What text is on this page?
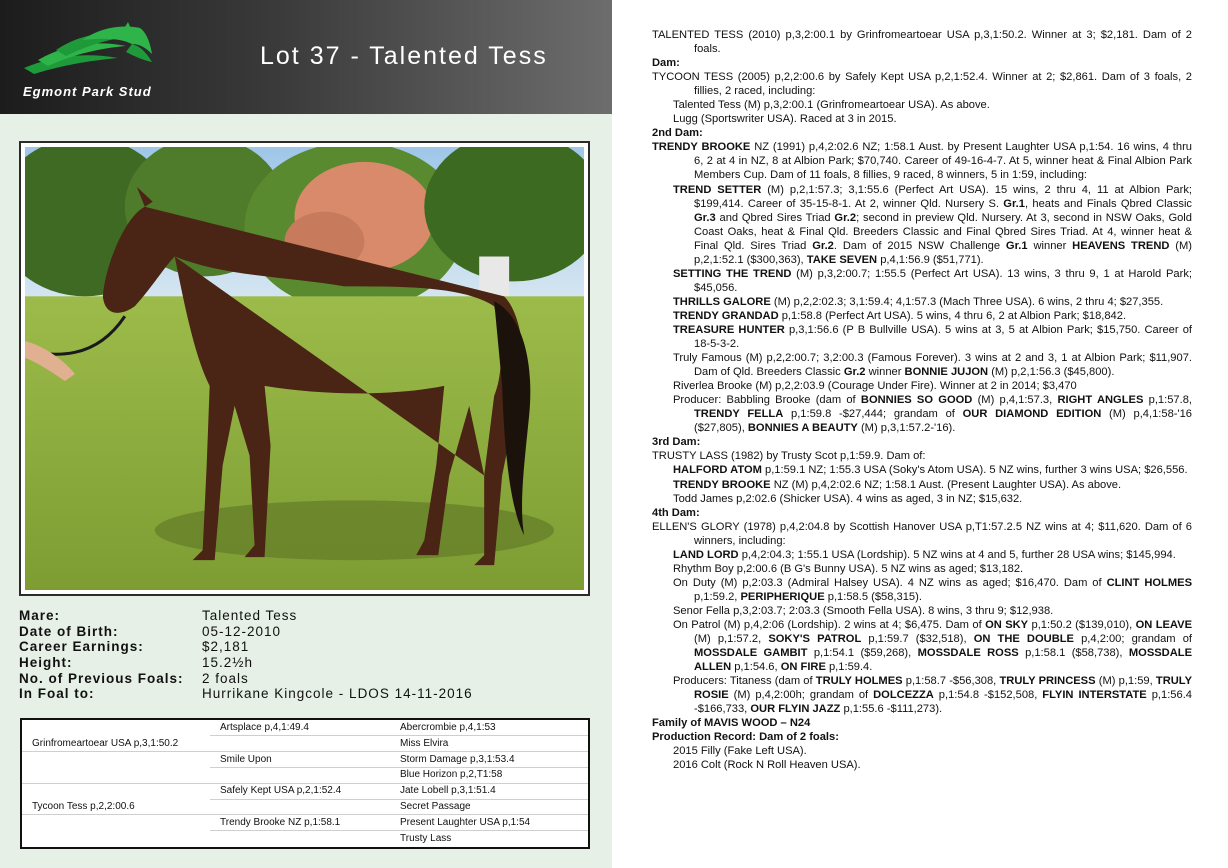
Egmont Park Stud
Lot 37 - Talented Tess
Mare:	Talented Tess
Date of Birth:	05-12-2010
Career Earnings:	$2,181
Height:	15.2½h
No. of Previous Foals:	2 foals
In Foal to:	Hurrikane Kingcole - LDOS 14-11-2016
	Artsplace p,4,1:49.4	Abercrombie p,4,1:53
Grinfromeartoear USA p,3,1:50.2		Miss Elvira
	Smile Upon	Storm Damage p,3,1:53.4
		Blue Horizon p,2,T1:58
	Safely Kept USA p,2,1:52.4	Jate Lobell p,3,1:51.4
Tycoon Tess p,2,2:00.6		Secret Passage
	Trendy Brooke NZ p,1:58.1	Present Laughter USA p,1:54
		Trusty Lass
TALENTED TESS (2010) p,3,2:00.1 by Grinfromeartoear USA p,3,1:50.2. Winner at 3; $2,181. Dam of 2 foals.
Dam:
TYCOON TESS (2005) p,2,2:00.6 by Safely Kept USA p,2,1:52.4. Winner at 2; $2,861. Dam of 3 foals, 2 fillies, 2 raced, including:
Talented Tess (M) p,3,2:00.1 (Grinfromeartoear USA). As above.
Lugg (Sportswriter USA). Raced at 3 in 2015.
2nd Dam:
TRENDY BROOKE NZ (1991) p,4,2:02.6 NZ; 1:58.1 Aust. by Present Laughter USA p,1:54. 16 wins, 4 thru 6, 2 at 4 in NZ, 8 at Albion Park; $70,740. Career of 49-16-4-7. At 5, winner heat & Final Albion Park Members Cup. Dam of 11 foals, 8 fillies, 9 raced, 8 winners, 5 in 1:59, including:
TREND SETTER (M) p,2,1:57.3; 3,1:55.6 (Perfect Art USA). 15 wins, 2 thru 4, 11 at Albion Park; $199,414. Career of 35-15-8-1. At 2, winner Qld. Nursery S. Gr.1, heats and Finals Qbred Classic Gr.3 and Qbred Sires Triad Gr.2; second in preview Qld. Nursery. At 3, second in NSW Oaks, Gold Coast Oaks, heat & Final Qld. Breeders Classic and Final Qbred Sires Triad. At 4, winner heat & Final Qld. Sires Triad Gr.2. Dam of 2015 NSW Challenge Gr.1 winner HEAVENS TREND (M) p,2,1:52.1 ($300,363), TAKE SEVEN p,4,1:56.9 ($51,771).
SETTING THE TREND (M) p,3,2:00.7; 1:55.5 (Perfect Art USA). 13 wins, 3 thru 9, 1 at Harold Park; $45,056.
THRILLS GALORE (M) p,2,2:02.3; 3,1:59.4; 4,1:57.3 (Mach Three USA). 6 wins, 2 thru 4; $27,355.
TRENDY GRANDAD p,1:58.8 (Perfect Art USA). 5 wins, 4 thru 6, 2 at Albion Park; $18,842.
TREASURE HUNTER p,3,1:56.6 (P B Bullville USA). 5 wins at 3, 5 at Albion Park; $15,750. Career of 18-5-3-2.
Truly Famous (M) p,2,2:00.7; 3,2:00.3 (Famous Forever). 3 wins at 2 and 3, 1 at Albion Park; $11,907. Dam of Qld. Breeders Classic Gr.2 winner BONNIE JUJON (M) p,2,1:56.3 ($45,800).
Riverlea Brooke (M) p,2,2:03.9 (Courage Under Fire). Winner at 2 in 2014; $3,470
Producer: Babbling Brooke (dam of BONNIES SO GOOD (M) p,4,1:57.3, RIGHT ANGLES p,1:57.8, TRENDY FELLA p,1:59.8 -$27,444; grandam of OUR DIAMOND EDITION (M) p,4,1:58-'16 ($27,805), BONNIES A BEAUTY (M) p,3,1:57.2-'16).
3rd Dam:
TRUSTY LASS (1982) by Trusty Scot p,1:59.9. Dam of:
HALFORD ATOM p,1:59.1 NZ; 1:55.3 USA (Soky's Atom USA). 5 NZ wins, further 3 wins USA; $26,556.
TRENDY BROOKE NZ (M) p,4,2:02.6 NZ; 1:58.1 Aust. (Present Laughter USA). As above.
Todd James p,2:02.6 (Shicker USA). 4 wins as aged, 3 in NZ; $15,632.
4th Dam:
ELLEN'S GLORY (1978) p,4,2:04.8 by Scottish Hanover USA p,T1:57.2.5 NZ wins at 4; $11,620. Dam of 6 winners, including:
LAND LORD p,4,2:04.3; 1:55.1 USA (Lordship). 5 NZ wins at 4 and 5, further 28 USA wins; $145,994.
Rhythm Boy p,2:00.6 (B G's Bunny USA). 5 NZ wins as aged; $13,182.
On Duty (M) p,2:03.3 (Admiral Halsey USA). 4 NZ wins as aged; $16,470. Dam of CLINT HOLMES p,1:59.2, PERIPHERIQUE p,1:58.5 ($58,315).
Senor Fella p,3,2:03.7; 2:03.3 (Smooth Fella USA). 8 wins, 3 thru 9; $12,938.
On Patrol (M) p,4,2:06 (Lordship). 2 wins at 4; $6,475. Dam of ON SKY p,1:50.2 ($139,010), ON LEAVE (M) p,1:57.2, SOKY'S PATROL p,1:59.7 ($32,518), ON THE DOUBLE p,4,2:00; grandam of MOSSDALE GAMBIT p,1:54.1 ($59,268), MOSSDALE ROSS p,1:58.1 ($58,738), MOSSDALE ALLEN p,1:54.6, ON FIRE p,1:59.4.
Producers: Titaness (dam of TRULY HOLMES p,1:58.7 -$56,308, TRULY PRINCESS (M) p,1:59, TRULY ROSIE (M) p,4,2:00h; grandam of DOLCEZZA p,1:54.8 -$152,508, FLYIN INTERSTATE p,1:56.4 -$166,733, OUR FLYIN JAZZ p,1:55.6 -$111,273).
Family of MAVIS WOOD – N24
Production Record: Dam of 2 foals:
2015 Filly (Fake Left USA).
2016 Colt (Rock N Roll Heaven USA).
